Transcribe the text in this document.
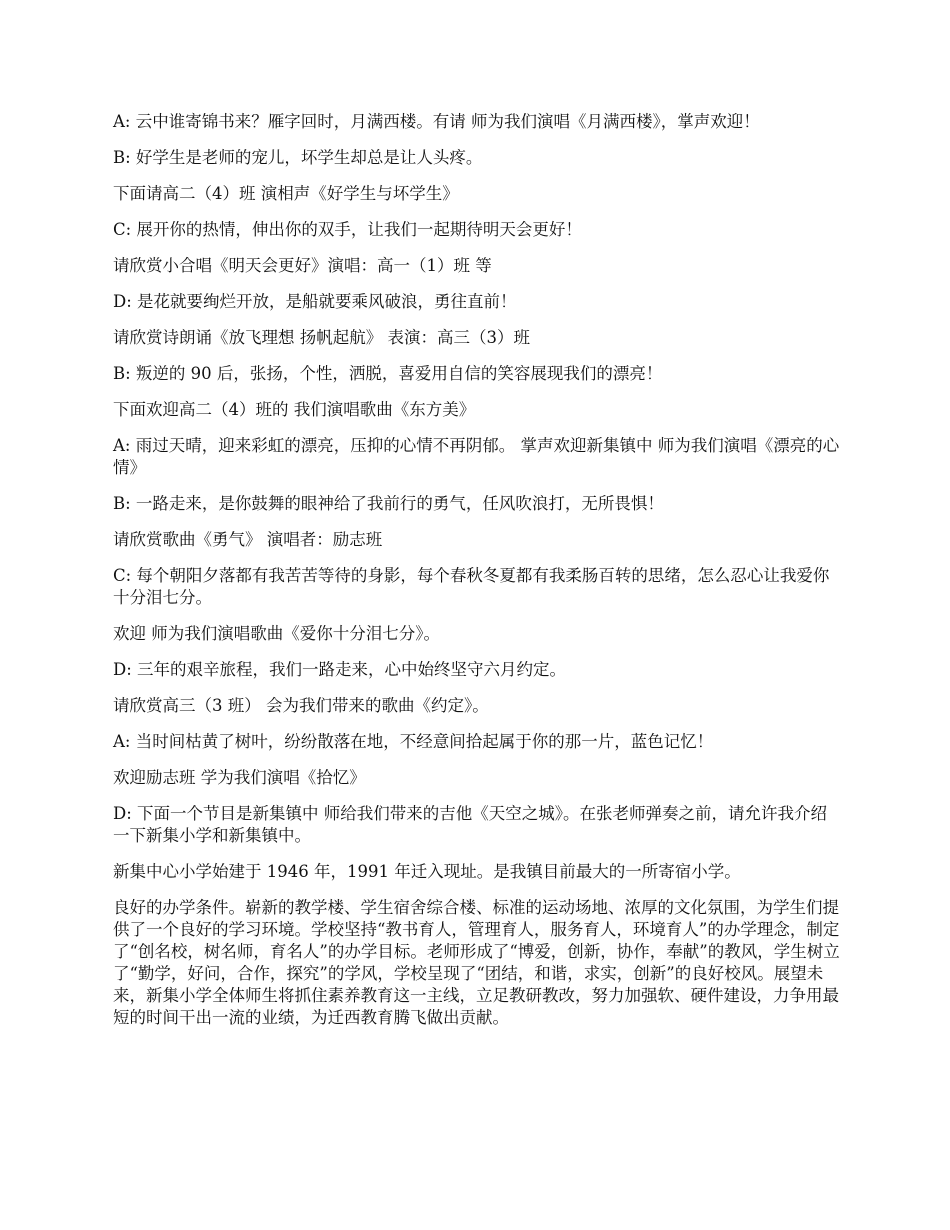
A: 云中谁寄锦书来？雁字回时，月满西楼。有请 师为我们演唱《月满西楼》，掌声欢迎！

B: 好学生是老师的宠儿，坏学生却总是让人头疼。

下面请高二（4）班 演相声《好学生与坏学生》

C: 展开你的热情，伸出你的双手，让我们一起期待明天会更好！

请欣赏小合唱《明天会更好》演唱：高一（1）班 等

D: 是花就要绚烂开放，是船就要乘风破浪，勇往直前！

请欣赏诗朗诵《放飞理想 扬帆起航》 表演：高三（3）班

B: 叛逆的 90 后，张扬，个性，洒脱，喜爱用自信的笑容展现我们的漂亮！

下面欢迎高二（4）班的 我们演唱歌曲《东方美》

A: 雨过天晴，迎来彩虹的漂亮，压抑的心情不再阴郁。 掌声欢迎新集镇中 师为我们演唱《漂亮的心情》

B: 一路走来，是你鼓舞的眼神给了我前行的勇气，任风吹浪打，无所畏惧！

请欣赏歌曲《勇气》 演唱者：励志班

C: 每个朝阳夕落都有我苦苦等待的身影，每个春秋冬夏都有我柔肠百转的思绪，怎么忍心让我爱你十分泪七分。

欢迎 师为我们演唱歌曲《爱你十分泪七分》。

D: 三年的艰辛旅程，我们一路走来，心中始终坚守六月约定。

请欣赏高三（3 班） 会为我们带来的歌曲《约定》。

A: 当时间枯黄了树叶，纷纷散落在地，不经意间拾起属于你的那一片，蓝色记忆！

欢迎励志班 学为我们演唱《拾忆》

D: 下面一个节目是新集镇中 师给我们带来的吉他《天空之城》。在张老师弹奏之前，请允许我介绍一下新集小学和新集镇中。

新集中心小学始建于 1946 年，1991 年迁入现址。是我镇目前最大的一所寄宿小学。

良好的办学条件。崭新的教学楼、学生宿舍综合楼、标准的运动场地、浓厚的文化氛围，为学生们提供了一个良好的学习环境。学校坚持“教书育人，管理育人，服务育人，环境育人”的办学理念，制定了“创名校，树名师，育名人”的办学目标。老师形成了“博爱，创新，协作，奉献”的教风，学生树立了“勤学，好问，合作，探究”的学风，学校呈现了“团结，和谐，求实，创新”的良好校风。展望未来，新集小学全体师生将抓住素养教育这一主线，立足教研教改，努力加强软、硬件建设，力争用最短的时间干出一流的业绩，为迁西教育腾飞做出贡献。
